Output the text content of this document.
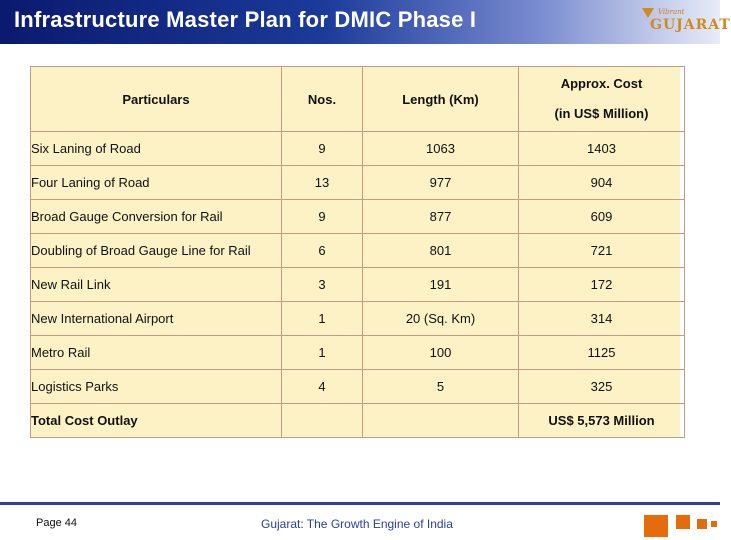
Infrastructure Master Plan for DMIC Phase I	Vibrant
GUJARAT
Particulars	Nos.	Length (Km)	Approx. Cost
(in US$ Million)

Six Laning of Road	9	1063	1403
Four Laning of Road	13	977	904
Broad Gauge Conversion for Rail	9	877	609
Doubling of Broad Gauge Line for Rail	6	801	721
New Rail Link	3	191	172
New International Airport	1	20 (Sq. Km)	314
Metro Rail	1	100	1125
Logistics Parks	4	5	325
Total Cost Outlay			US$ 5,573 Million
Page 44	Gujarat: The Growth Engine of India
